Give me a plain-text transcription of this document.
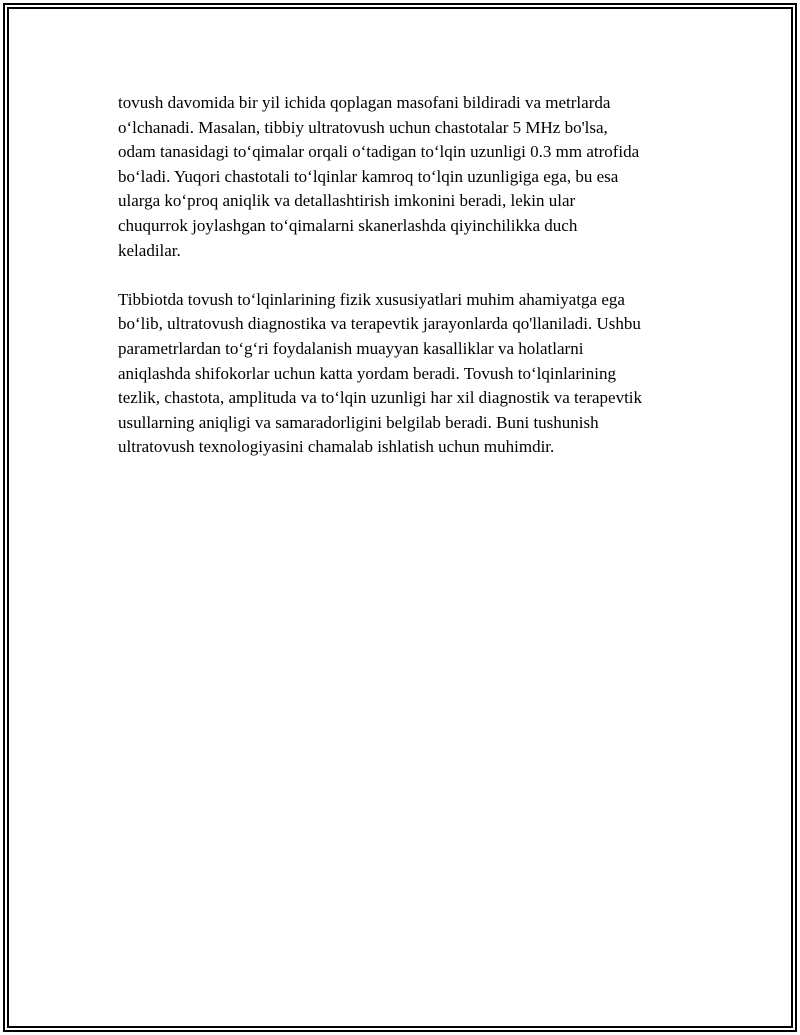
tovush davomida bir yil ichida qoplagan masofani bildiradi va metrlarda
o‘lchanadi. Masalan, tibbiy ultratovush uchun chastotalar 5 MHz bo'lsa,
odam tanasidagi to‘qimalar orqali o‘tadigan to‘lqin uzunligi 0.3 mm atrofida
bo‘ladi. Yuqori chastotali to‘lqinlar kamroq to‘lqin uzunligiga ega, bu esa
ularga ko‘proq aniqlik va detallashtirish imkonini beradi, lekin ular
chuqurrok joylashgan to‘qimalarni skanerlashda qiyinchilikka duch
keladilar.

Tibbiotda tovush to‘lqinlarining fizik xususiyatlari muhim ahamiyatga ega
bo‘lib, ultratovush diagnostika va terapevtik jarayonlarda qo'llaniladi. Ushbu
parametrlardan to‘g‘ri foydalanish muayyan kasalliklar va holatlarni
aniqlashda shifokorlar uchun katta yordam beradi. Tovush to‘lqinlarining
tezlik, chastota, amplituda va to‘lqin uzunligi har xil diagnostik va terapevtik
usullarning aniqligi va samaradorligini belgilab beradi. Buni tushunish
ultratovush texnologiyasini chamalab ishlatish uchun muhimdir.
